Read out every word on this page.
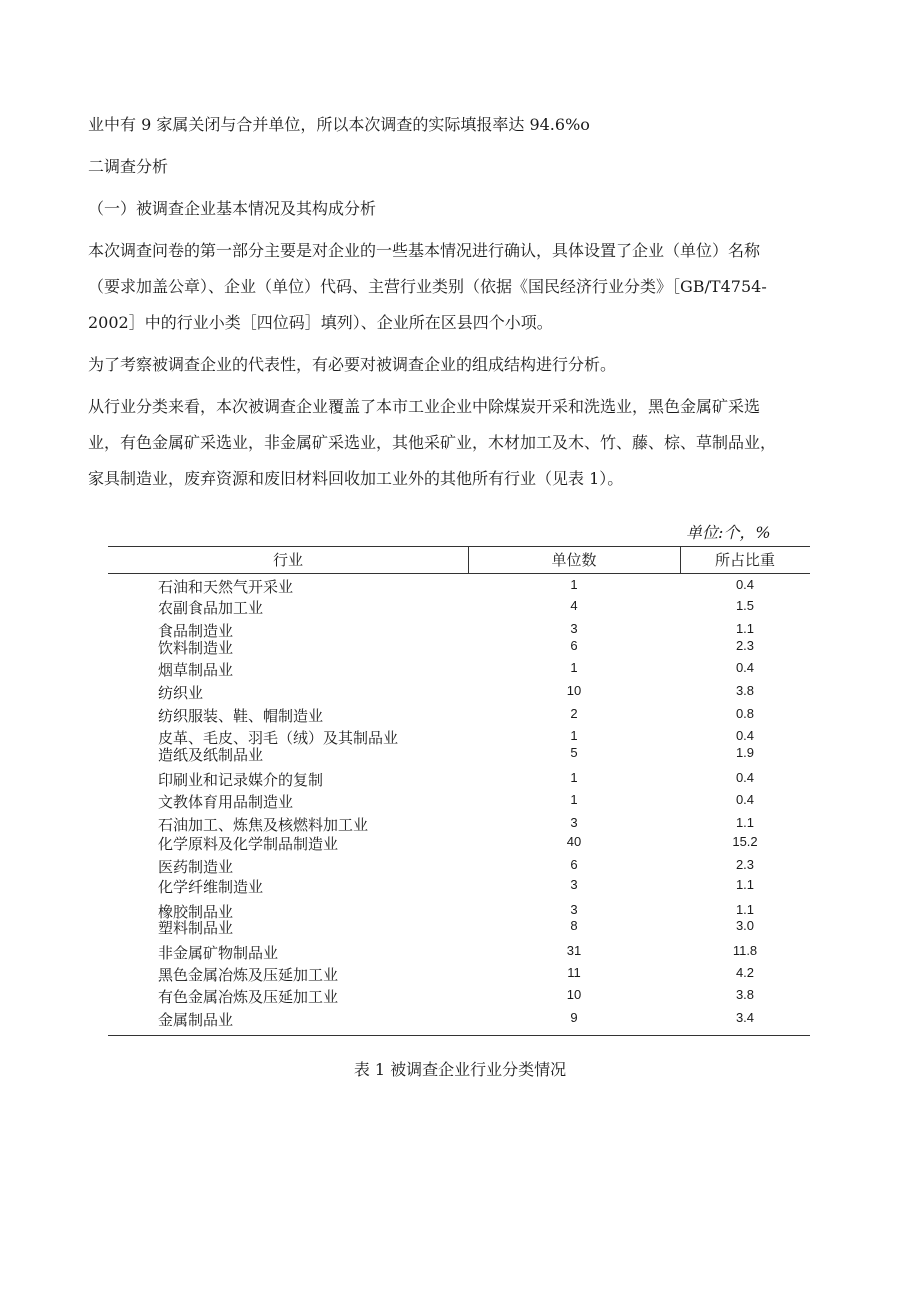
业中有 9 家属关闭与合并单位，所以本次调查的实际填报率达 94.6%o
二调查分析
（一）被调查企业基本情况及其构成分析
本次调查问卷的第一部分主要是对企业的一些基本情况进行确认，具体设置了企业（单位）名称
（要求加盖公章）、企业（单位）代码、主营行业类别（依据《国民经济行业分类》［GB/T4754-
2002］中的行业小类［四位码］填列）、企业所在区县四个小项。
为了考察被调查企业的代表性，有必要对被调查企业的组成结构进行分析。
从行业分类来看，本次被调查企业覆盖了本市工业企业中除煤炭开采和洗选业，黑色金属矿采选
业，有色金属矿采选业，非金属矿采选业，其他采矿业，木材加工及木、竹、藤、棕、草制品业，
家具制造业，废弃资源和废旧材料回收加工业外的其他所有行业（见表 1）。
单位:个，%
行业	单位数	所占比重
石油和天然气开采业	1	0.4
农副食品加工业	4	1.5
食品制造业	3	1.1
饮料制造业	6	2.3
烟草制品业	1	0.4
纺织业	10	3.8
纺织服装、鞋、帽制造业	2	0.8
皮革、毛皮、羽毛（绒）及其制品业	1	0.4
造纸及纸制品业	5	1.9
印刷业和记录媒介的复制	1	0.4
文教体育用品制造业	1	0.4
石油加工、炼焦及核燃料加工业	3	1.1
化学原料及化学制品制造业	40	15.2
医药制造业	6	2.3
化学纤维制造业	3	1.1
橡胶制品业	3	1.1
塑料制品业	8	3.0
非金属矿物制品业	31	11.8
黑色金属冶炼及压延加工业	11	4.2
有色金属冶炼及压延加工业	10	3.8
金属制品业	9	3.4
表 1 被调查企业行业分类情况
